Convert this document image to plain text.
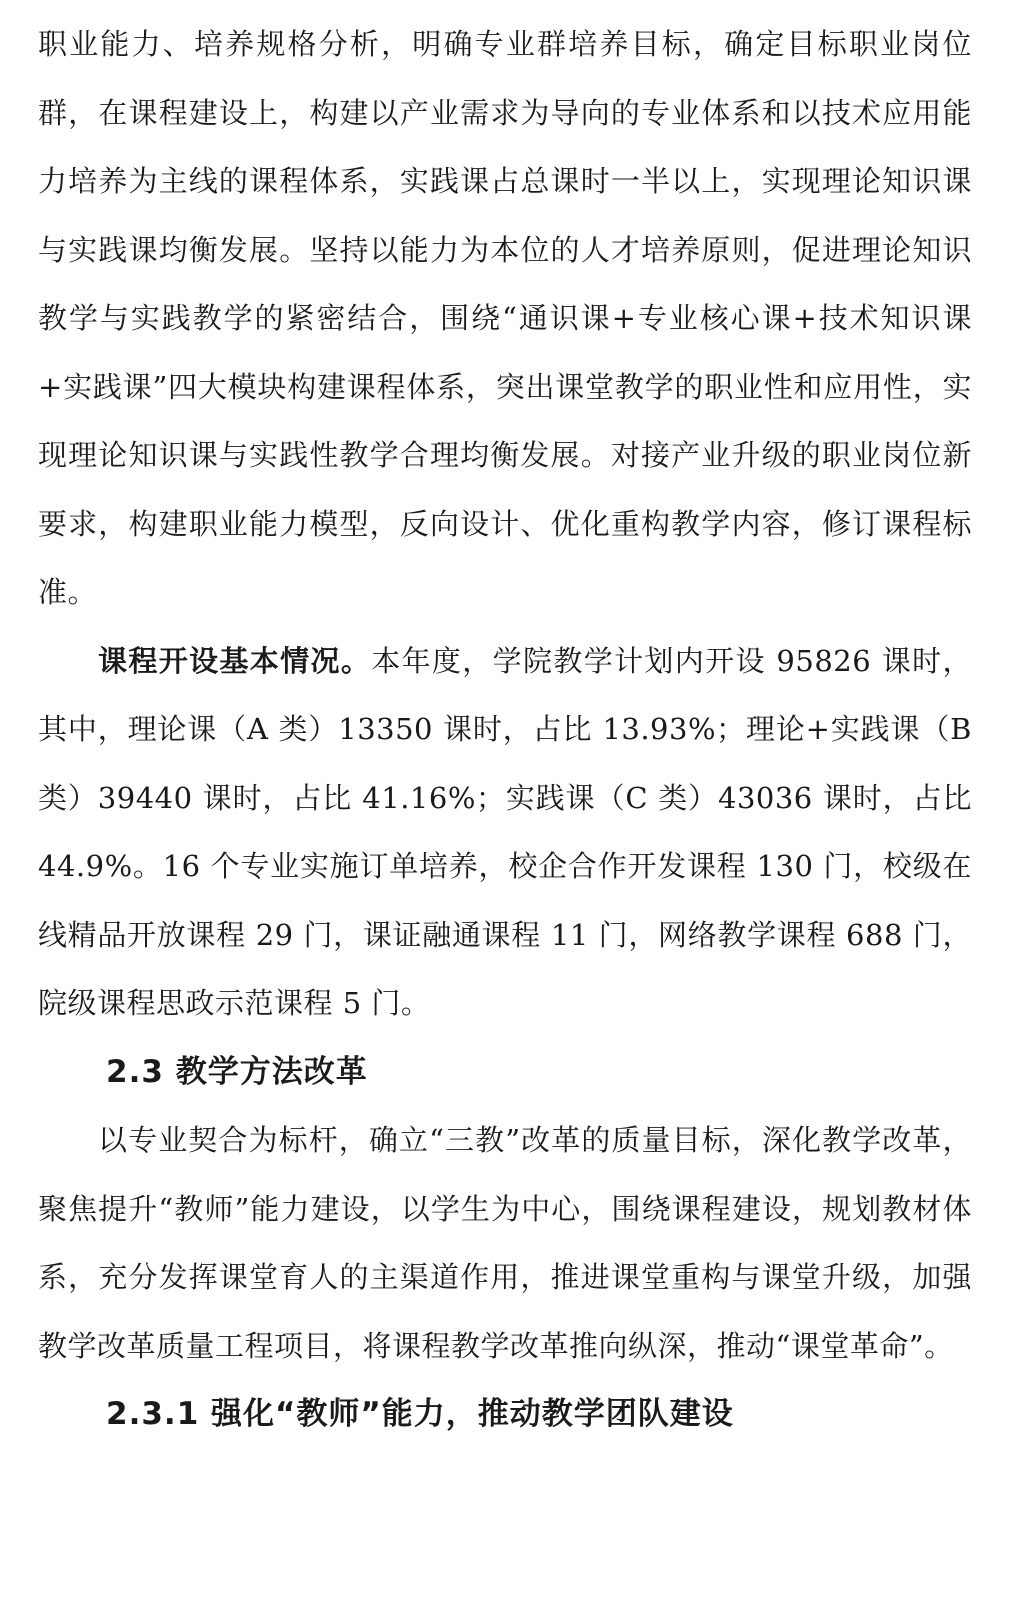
职业能力、培养规格分析，明确专业群培养目标，确定目标职业岗位群，在课程建设上，构建以产业需求为导向的专业体系和以技术应用能力培养为主线的课程体系，实践课占总课时一半以上，实现理论知识课与实践课均衡发展。坚持以能力为本位的人才培养原则，促进理论知识教学与实践教学的紧密结合，围绕“通识课+专业核心课+技术知识课+实践课”四大模块构建课程体系，突出课堂教学的职业性和应用性，实现理论知识课与实践性教学合理均衡发展。对接产业升级的职业岗位新要求，构建职业能力模型，反向设计、优化重构教学内容，修订课程标准。

课程开设基本情况。本年度，学院教学计划内开设 95826 课时，其中，理论课（A 类）13350 课时，占比 13.93%；理论+实践课（B 类）39440 课时，占比 41.16%；实践课（C 类）43036 课时，占比 44.9%。16 个专业实施订单培养，校企合作开发课程 130 门，校级在线精品开放课程 29 门，课证融通课程 11 门，网络教学课程 688 门，院级课程思政示范课程 5 门。

2.3 教学方法改革

以专业契合为标杆，确立“三教”改革的质量目标，深化教学改革，聚焦提升“教师”能力建设，以学生为中心，围绕课程建设，规划教材体系，充分发挥课堂育人的主渠道作用，推进课堂重构与课堂升级，加强教学改革质量工程项目，将课程教学改革推向纵深，推动“课堂革命”。

2.3.1 强化“教师”能力，推动教学团队建设
